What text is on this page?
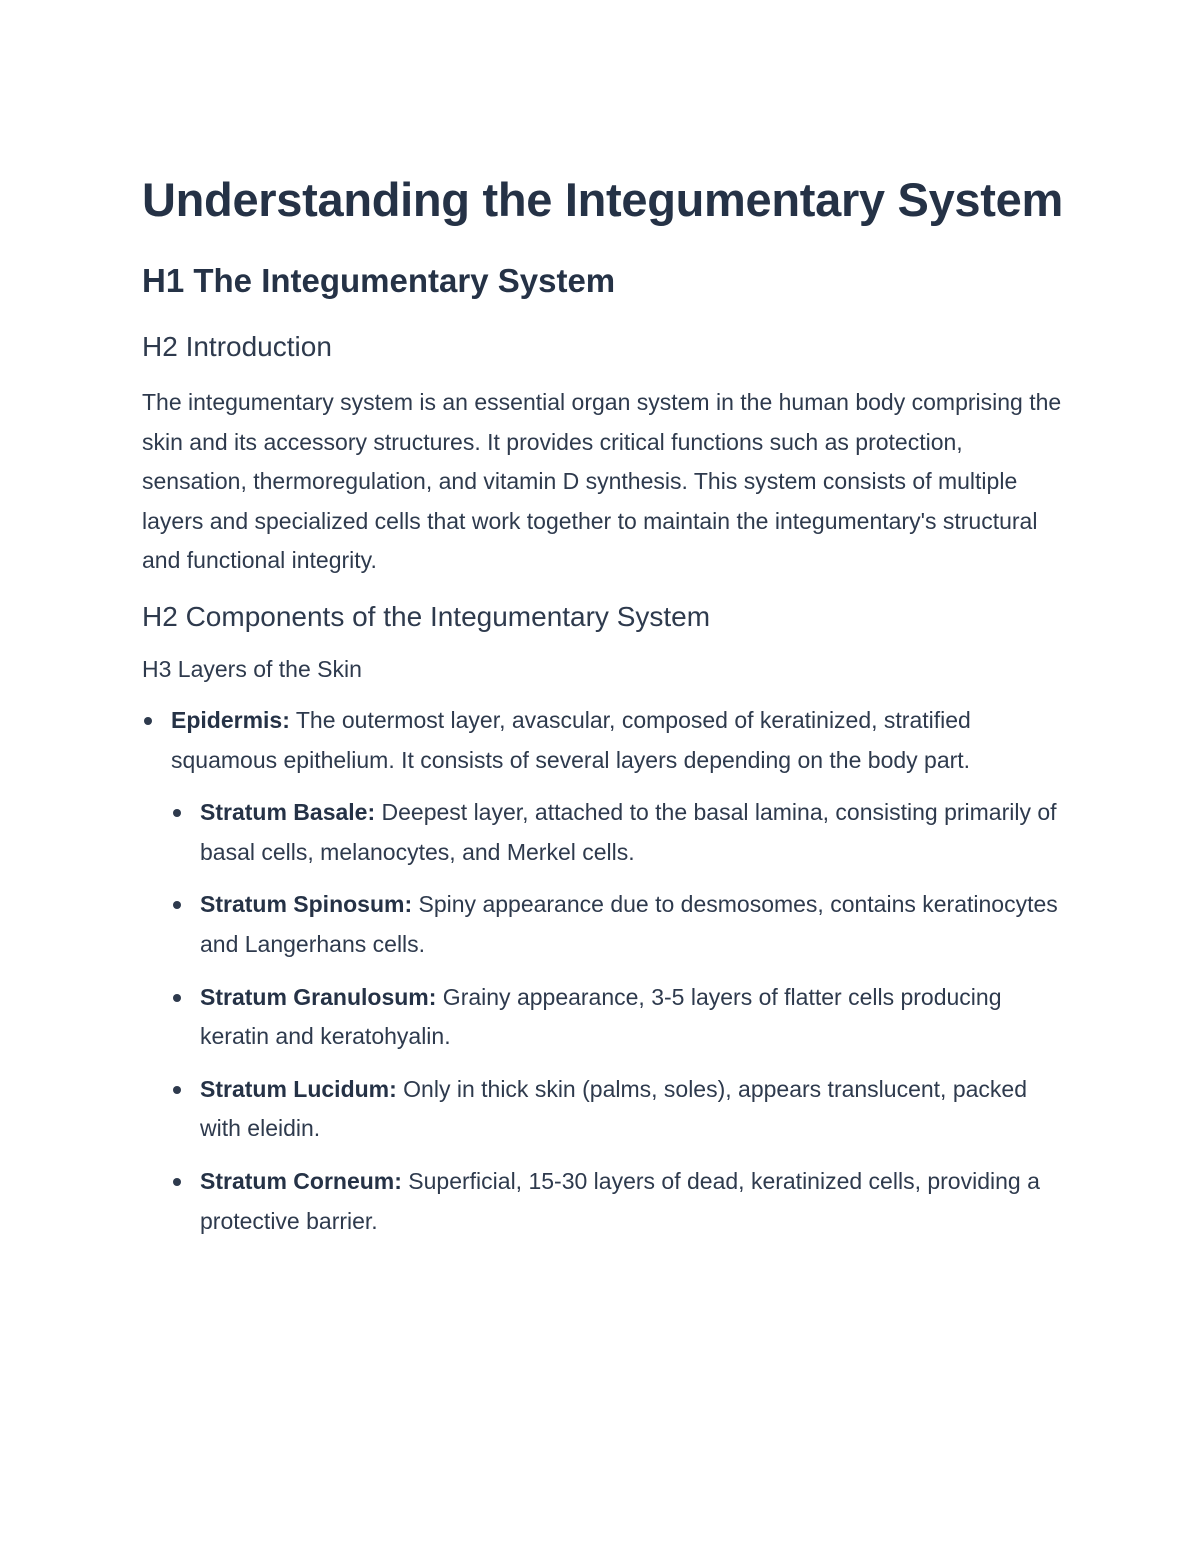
Understanding the Integumentary System
H1 The Integumentary System
H2 Introduction

The integumentary system is an essential organ system in the human body comprising the skin and its accessory structures. It provides critical functions such as protection, sensation, thermoregulation, and vitamin D synthesis. This system consists of multiple layers and specialized cells that work together to maintain the integumentary's structural and functional integrity.

H2 Components of the Integumentary System
H3 Layers of the Skin
Epidermis: The outermost layer, avascular, composed of keratinized, stratified squamous epithelium. It consists of several layers depending on the body part.
Stratum Basale: Deepest layer, attached to the basal lamina, consisting primarily of basal cells, melanocytes, and Merkel cells.
Stratum Spinosum: Spiny appearance due to desmosomes, contains keratinocytes and Langerhans cells.
Stratum Granulosum: Grainy appearance, 3-5 layers of flatter cells producing keratin and keratohyalin.
Stratum Lucidum: Only in thick skin (palms, soles), appears translucent, packed with eleidin.
Stratum Corneum: Superficial, 15-30 layers of dead, keratinized cells, providing a protective barrier.
